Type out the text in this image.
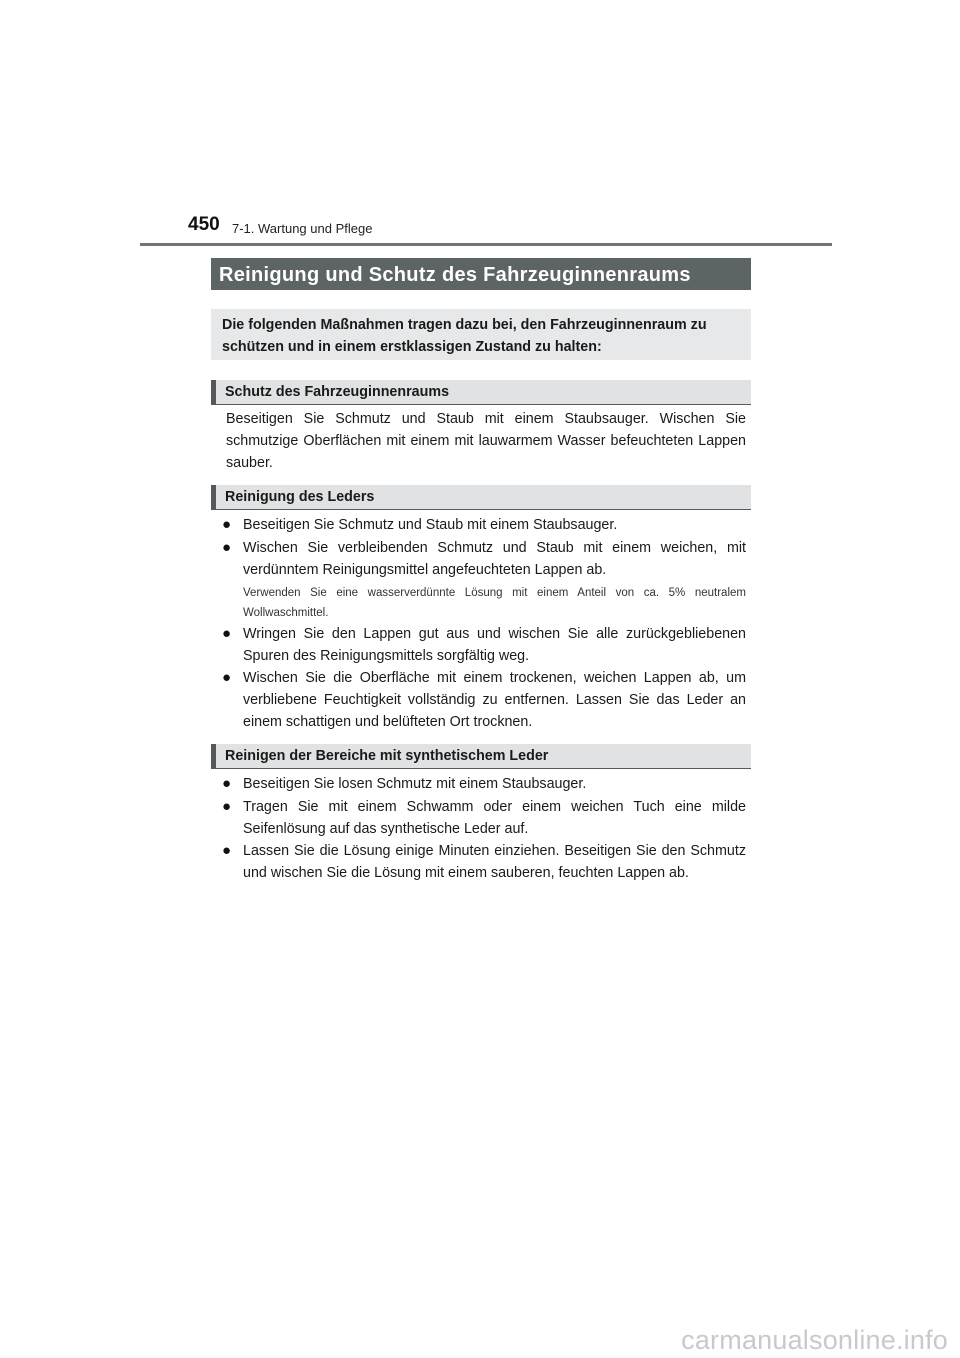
450 7-1. Wartung und Pflege
Reinigung und Schutz des Fahrzeuginnenraums
Die folgenden Maßnahmen tragen dazu bei, den Fahrzeuginnenraum zu schützen und in einem erstklassigen Zustand zu halten:
Schutz des Fahrzeuginnenraums
Beseitigen Sie Schmutz und Staub mit einem Staubsauger. Wischen Sie schmutzige Oberflächen mit einem mit lauwarmem Wasser befeuchteten Lappen sauber.
Reinigung des Leders
● Beseitigen Sie Schmutz und Staub mit einem Staubsauger.
● Wischen Sie verbleibenden Schmutz und Staub mit einem weichen, mit verdünntem Reinigungsmittel angefeuchteten Lappen ab.
Verwenden Sie eine wasserverdünnte Lösung mit einem Anteil von ca. 5% neutralem Wollwaschmittel.
● Wringen Sie den Lappen gut aus und wischen Sie alle zurückgebliebenen Spuren des Reinigungsmittels sorgfältig weg.
● Wischen Sie die Oberfläche mit einem trockenen, weichen Lappen ab, um verbliebene Feuchtigkeit vollständig zu entfernen. Lassen Sie das Leder an einem schattigen und belüfteten Ort trocknen.
Reinigen der Bereiche mit synthetischem Leder
● Beseitigen Sie losen Schmutz mit einem Staubsauger.
● Tragen Sie mit einem Schwamm oder einem weichen Tuch eine milde Seifenlösung auf das synthetische Leder auf.
● Lassen Sie die Lösung einige Minuten einziehen. Beseitigen Sie den Schmutz und wischen Sie die Lösung mit einem sauberen, feuchten Lappen ab.
carmanualsonline.info
